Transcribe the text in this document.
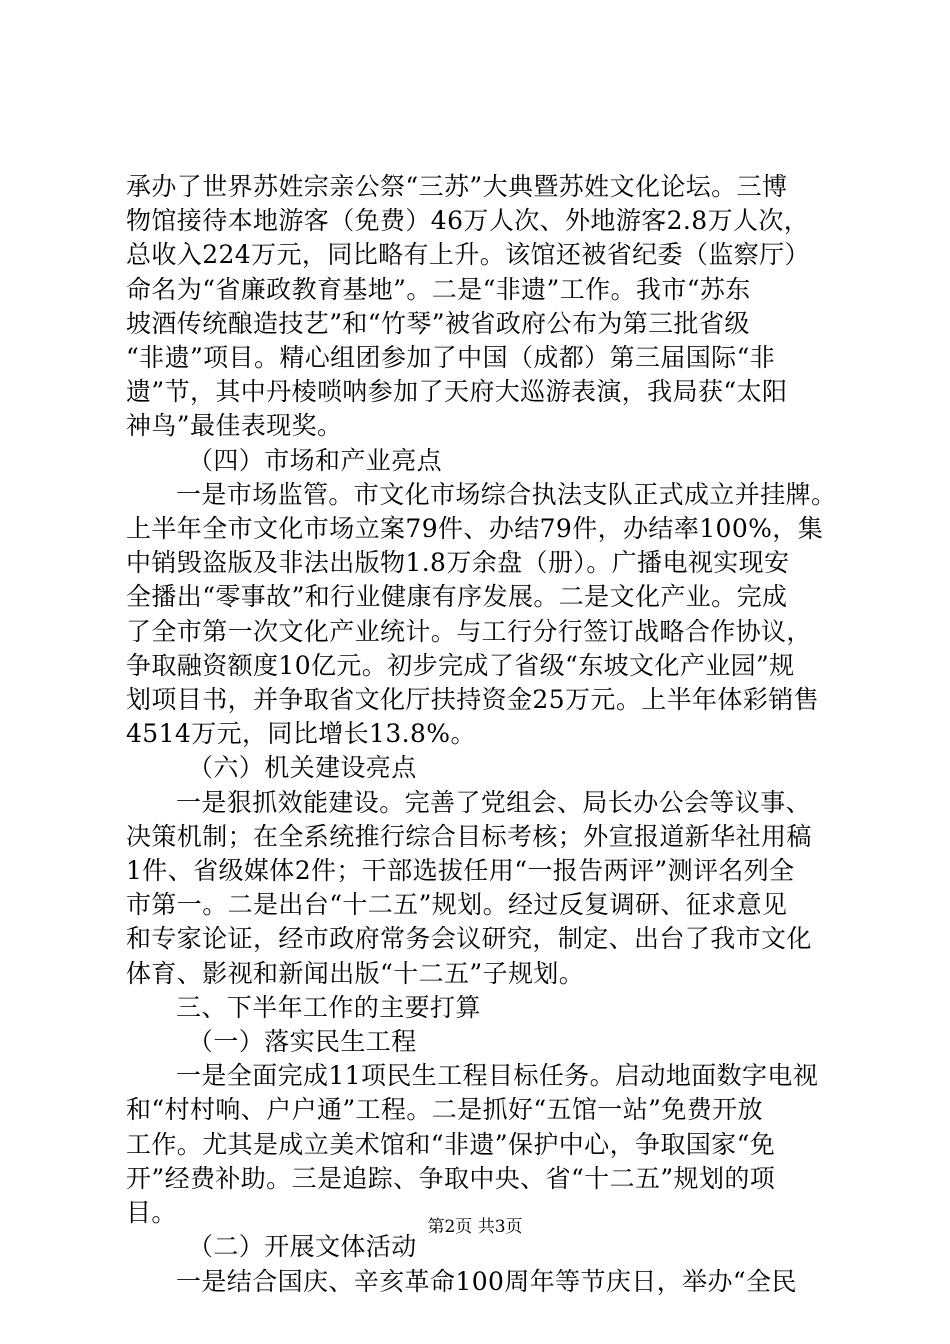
承办了世界苏姓宗亲公祭“三苏”大典暨苏姓文化论坛。三博

物馆接待本地游客（免费）46万人次、外地游客2.8万人次，

总收入224万元，同比略有上升。该馆还被省纪委（监察厅）

命名为“省廉政教育基地”。二是“非遗”工作。我市“苏东

坡酒传统酿造技艺”和“竹琴”被省政府公布为第三批省级

“非遗”项目。精心组团参加了中国（成都）第三届国际“非

遗”节，其中丹棱唢呐参加了天府大巡游表演，我局获“太阳

神鸟”最佳表现奖。

（四）市场和产业亮点

一是市场监管。市文化市场综合执法支队正式成立并挂牌。

上半年全市文化市场立案79件、办结79件，办结率100%，集

中销毁盗版及非法出版物1.8万余盘（册）。广播电视实现安

全播出“零事故”和行业健康有序发展。二是文化产业。完成

了全市第一次文化产业统计。与工行分行签订战略合作协议，

争取融资额度10亿元。初步完成了省级“东坡文化产业园”规

划项目书，并争取省文化厅扶持资金25万元。上半年体彩销售

4514万元，同比增长13.8%。

（六）机关建设亮点

一是狠抓效能建设。完善了党组会、局长办公会等议事、

决策机制；在全系统推行综合目标考核；外宣报道新华社用稿

1件、省级媒体2件；干部选拔任用“一报告两评”测评名列全

市第一。二是出台“十二五”规划。经过反复调研、征求意见

和专家论证，经市政府常务会议研究，制定、出台了我市文化

体育、影视和新闻出版“十二五”子规划。

三、下半年工作的主要打算

（一）落实民生工程

一是全面完成11项民生工程目标任务。启动地面数字电视

和“村村响、户户通”工程。二是抓好“五馆一站”免费开放

工作。尤其是成立美术馆和“非遗”保护中心，争取国家“免

开”经费补助。三是追踪、争取中央、省“十二五”规划的项

目。

（二）开展文体活动

一是结合国庆、辛亥革命100周年等节庆日，举办“全民

第2页 共3页
